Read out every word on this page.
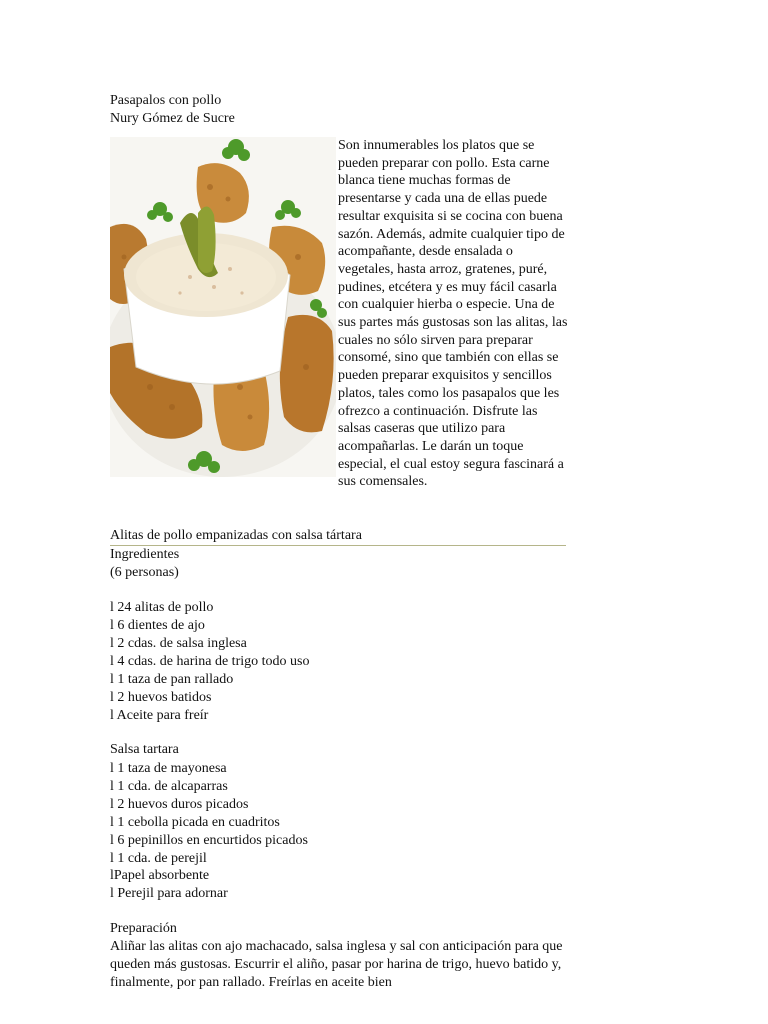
Pasapalos con pollo
Nury Gómez de Sucre
Son innumerables los platos que se pueden preparar con pollo. Esta carne blanca tiene muchas formas de presentarse y cada una de ellas puede resultar exquisita si se cocina con buena sazón. Además, admite cualquier tipo de acompañante, desde ensalada o vegetales, hasta arroz, gratenes, puré, pudines, etcétera y es muy fácil casarla con cualquier hierba o especie. Una de sus partes más gustosas son las alitas, las cuales no sólo sirven para preparar consomé, sino que también con ellas se pueden preparar exquisitos y sencillos platos, tales como los pasapalos que les ofrezco a continuación. Disfrute las salsas caseras que utilizo para acompañarlas. Le darán un toque especial, el cual estoy segura fascinará a sus comensales.
Alitas de pollo empanizadas con salsa tártara
Ingredientes
(6 personas)
l 24 alitas de pollo
l 6 dientes de ajo
l 2 cdas. de salsa inglesa
l 4 cdas. de harina de trigo todo uso
l 1 taza de pan rallado
l 2 huevos batidos
l Aceite para freír
Salsa tartara
l 1 taza de mayonesa
l 1 cda. de alcaparras
l 2 huevos duros picados
l 1 cebolla picada en cuadritos
l 6 pepinillos en encurtidos picados
l 1 cda. de perejil
lPapel absorbente
l Perejil para adornar
Preparación
Aliñar las alitas con ajo machacado, salsa inglesa y sal con anticipación para que queden más gustosas. Escurrir el aliño, pasar por harina de trigo, huevo batido y, finalmente, por pan rallado. Freírlas en aceite bien
